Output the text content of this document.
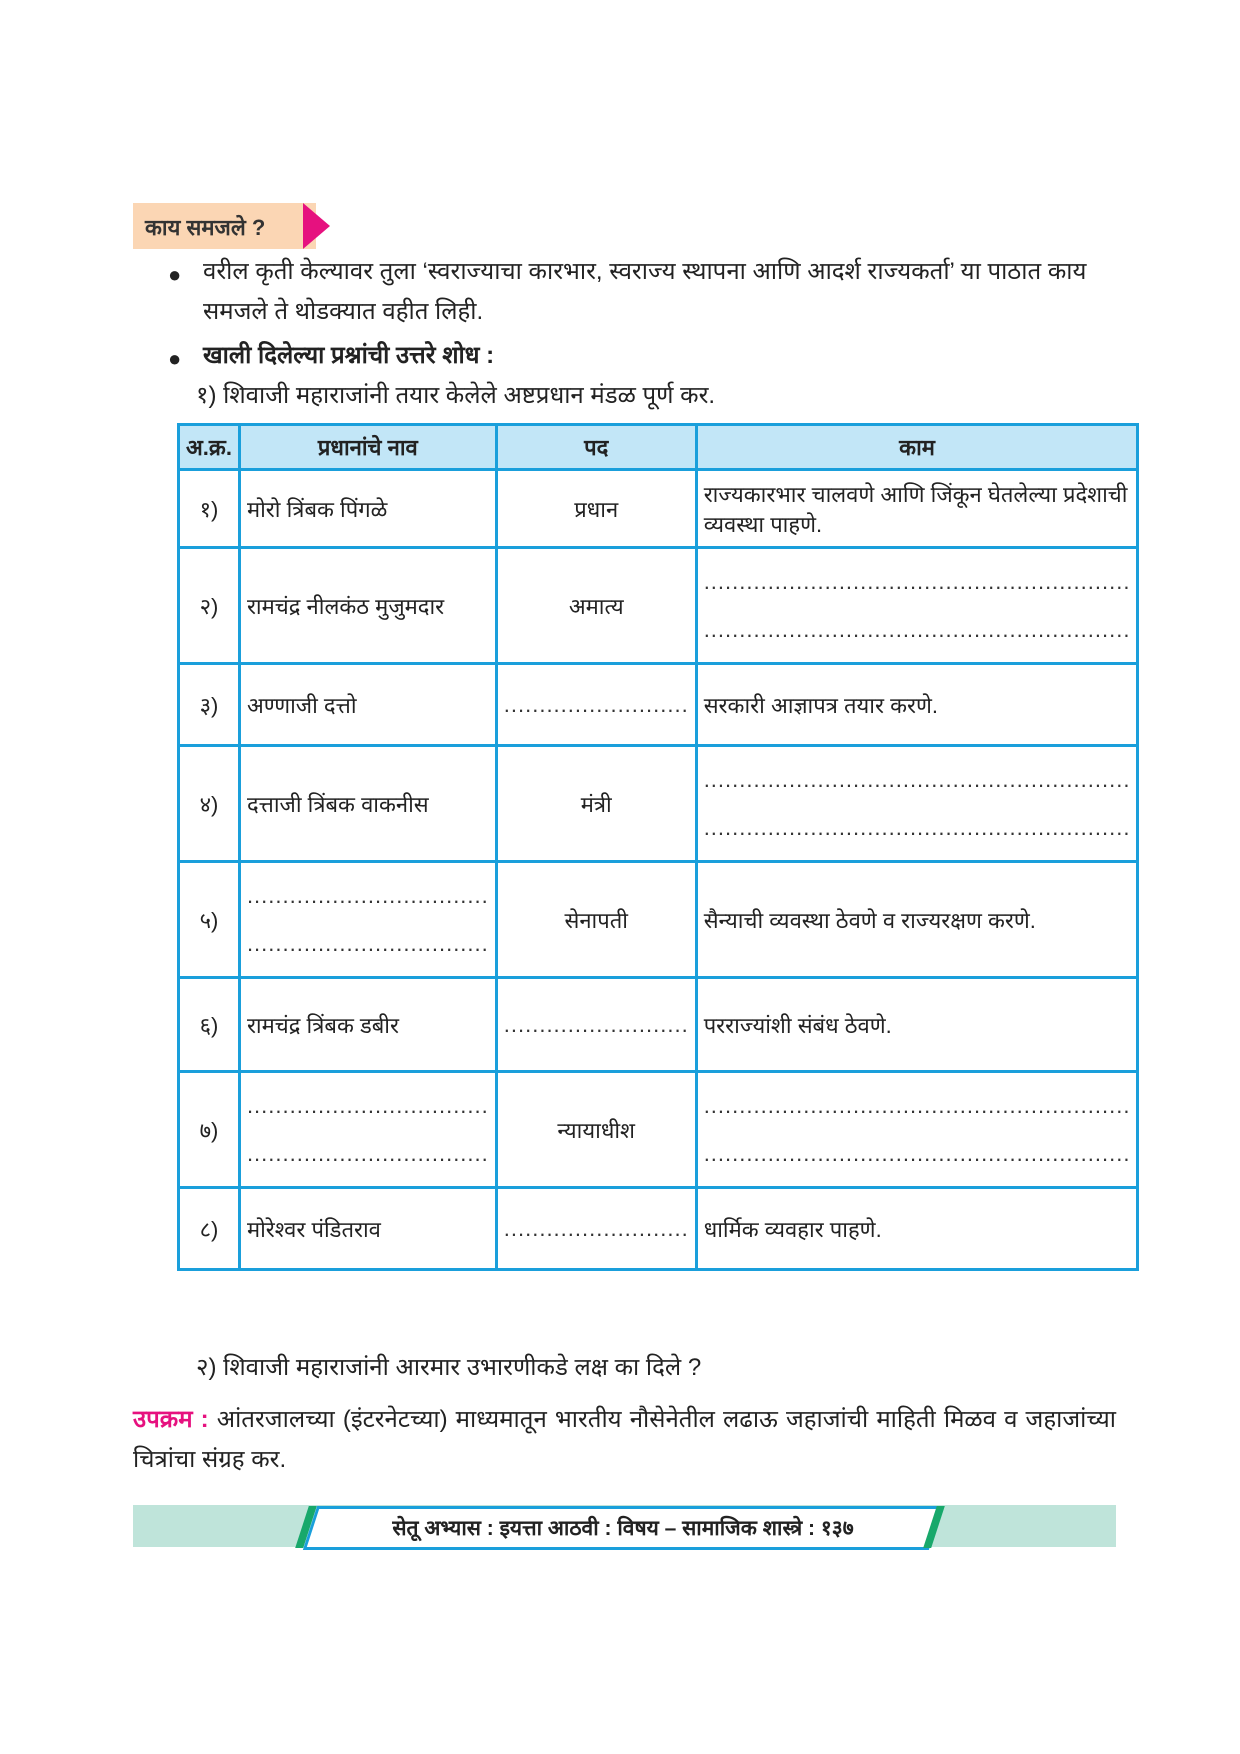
काय समजले ?
● वरील कृती केल्यावर तुला ‘स्वराज्याचा कारभार, स्वराज्य स्थापना आणि आदर्श राज्यकर्ता’ या पाठात काय समजले ते थोडक्यात वहीत लिही.
● खाली दिलेल्या प्रश्नांची उत्तरे शोध :
१) शिवाजी महाराजांनी तयार केलेले अष्टप्रधान मंडळ पूर्ण कर.
अ.क्र.	प्रधानांचे नाव	पद	काम
१)	मोरो त्रिंबक पिंगळे	प्रधान	राज्यकारभार चालवणे आणि जिंकून घेतलेल्या प्रदेशाची व्यवस्था पाहणे.
२)	रामचंद्र नीलकंठ मुजुमदार	अमात्य	............................................................
............................................................

३)	अण्णाजी दत्तो	..........................	सरकारी आज्ञापत्र तयार करणे.
४)	दत्ताजी त्रिंबक वाकनीस	मंत्री	............................................................
............................................................

५)	..................................
..................................	सेनापती	सैन्याची व्यवस्था ठेवणे व राज्यरक्षण करणे.
६)	रामचंद्र त्रिंबक डबीर	..........................	परराज्यांशी संबंध ठेवणे.
७)	..................................
..................................	न्यायाधीश	............................................................
............................................................

८)	मोरेश्वर पंडितराव	..........................	धार्मिक व्यवहार पाहणे.
२) शिवाजी महाराजांनी आरमार उभारणीकडे लक्ष का दिले ?
उपक्रम : आंतरजालच्या (इंटरनेटच्या) माध्यमातून भारतीय नौसेनेतील लढाऊ जहाजांची माहिती मिळव व जहाजांच्या चित्रांचा संग्रह कर.
सेतू अभ्यास : इयत्ता आठवी : विषय – सामाजिक शास्त्रे : १३७
